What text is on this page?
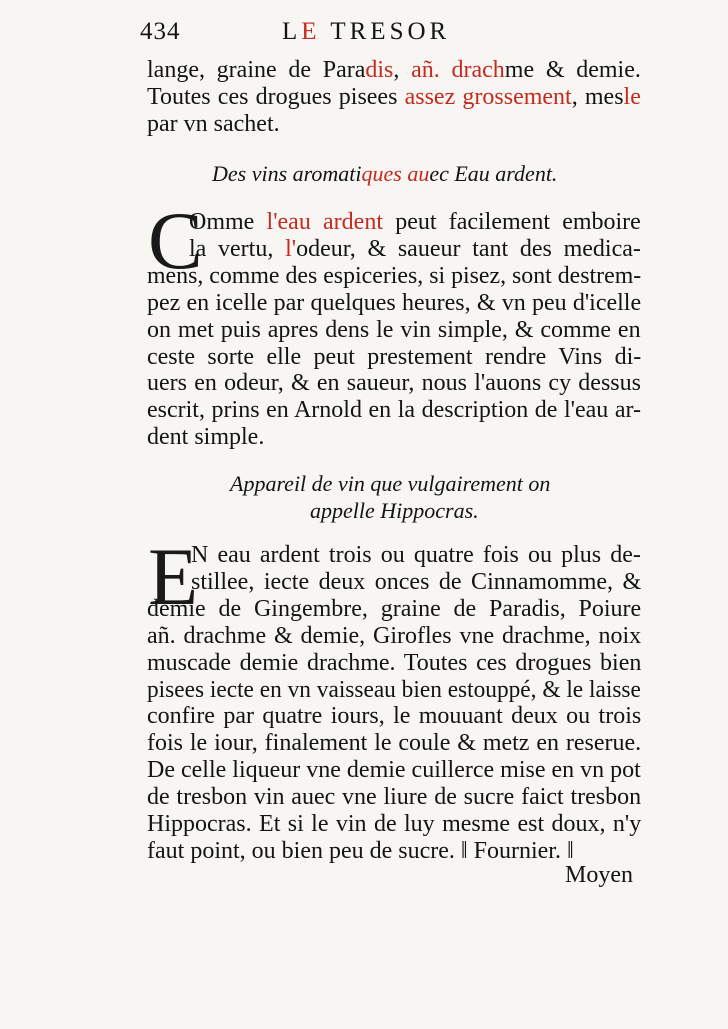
434	LE TRESOR
lange, graine de Paradis, añ. drachme & demie.
Toutes ces drogues pisees assez grossement, mesle
par vn sachet.
Des vins aromatiques auec Eau ardent.
C
Omme l'eau ardent peut facilement emboire
la vertu, l'odeur, & saueur tant des medica-
mens, comme des espiceries, si pisez, sont destrem-
pez en icelle par quelques heures, & vn peu d'icelle
on met puis apres dens le vin simple, & comme en
ceste sorte elle peut prestement rendre Vins di-
uers en odeur, & en saueur, nous l'auons cy dessus
escrit, prins en Arnold en la description de l'eau ar-
dent simple.
Appareil de vin que vulgairement on
appelle Hippocras.
E
N eau ardent trois ou quatre fois ou plus de-
stillee, iecte deux onces de Cinnamomme, &
demie de Gingembre, graine de Paradis, Poiure
añ. drachme & demie, Girofles vne drachme, noix
muscade demie drachme. Toutes ces drogues bien
pisees iecte en vn vaisseau bien estouppé, & le laisse
confire par quatre iours, le mouuant deux ou trois
fois le iour, finalement le coule & metz en reserue.
De celle liqueur vne demie cuillerce mise en vn pot
de tresbon vin auec vne liure de sucre faict tresbon
Hippocras. Et si le vin de luy mesme est doux, n'y
faut point, ou bien peu de sucre. ‖ Fournier. ‖
Moyen
